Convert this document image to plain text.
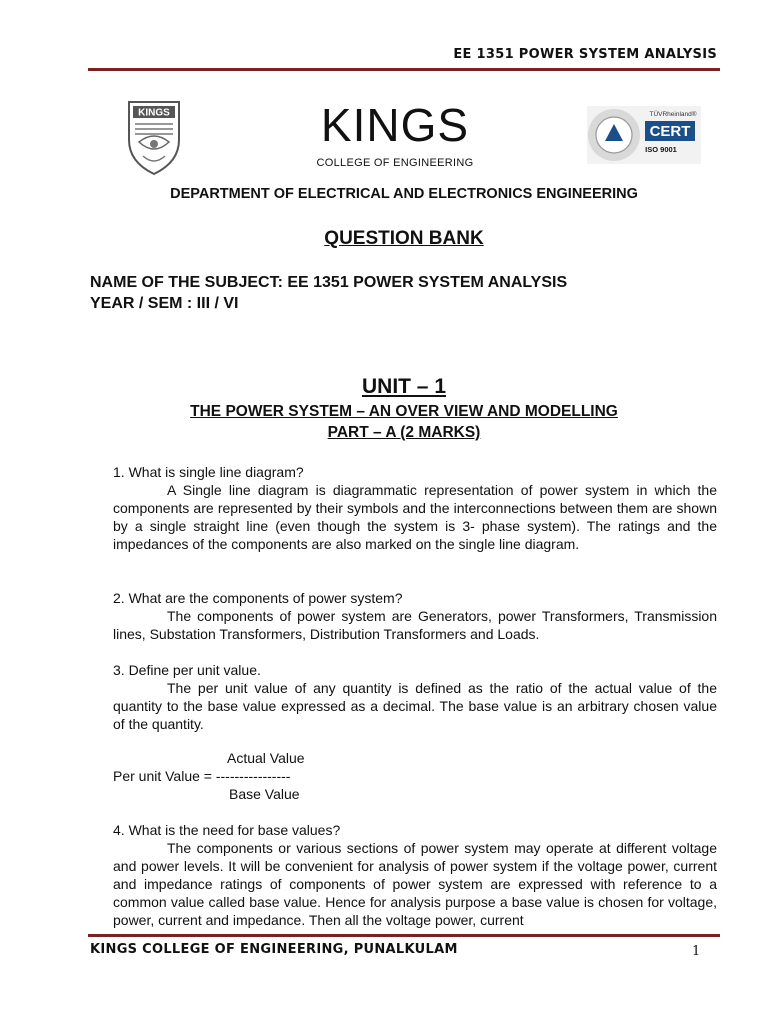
EE 1351 POWER SYSTEM ANALYSIS
KINGS	KINGS
COLLEGE OF ENGINEERING
TÜVRheinland®
CERT
ISO 9001
DEPARTMENT OF ELECTRICAL AND ELECTRONICS ENGINEERING
QUESTION BANK
NAME OF THE SUBJECT: EE 1351 POWER SYSTEM ANALYSIS
YEAR / SEM : III / VI
UNIT – 1
THE POWER SYSTEM – AN OVER VIEW AND MODELLING
PART – A (2 MARKS)

1. What is single line diagram?

A Single line diagram is diagrammatic representation of power system in which the components are represented by their symbols and the interconnections between them are shown by a single straight line (even though the system is 3- phase system). The ratings and the impedances of the components are also marked on the single line diagram.

2. What are the components of power system?

The components of power system are Generators, power Transformers, Transmission lines, Substation Transformers, Distribution Transformers and Loads.

3. Define per unit value.

The per unit value of any quantity is defined as the ratio of the actual value of the quantity to the base value expressed as a decimal. The base value is an arbitrary chosen value of the quantity.

Actual Value
Per unit Value = ----------------
Base Value

4. What is the need for base values?

The components or various sections of power system may operate at different voltage and power levels. It will be convenient for analysis of power system if the voltage power, current and impedance ratings of components of power system are expressed with reference to a common value called base value. Hence for analysis purpose a base value is chosen for voltage, power, current and impedance. Then all the voltage power, current

KINGS COLLEGE OF ENGINEERING, PUNALKULAM	1
